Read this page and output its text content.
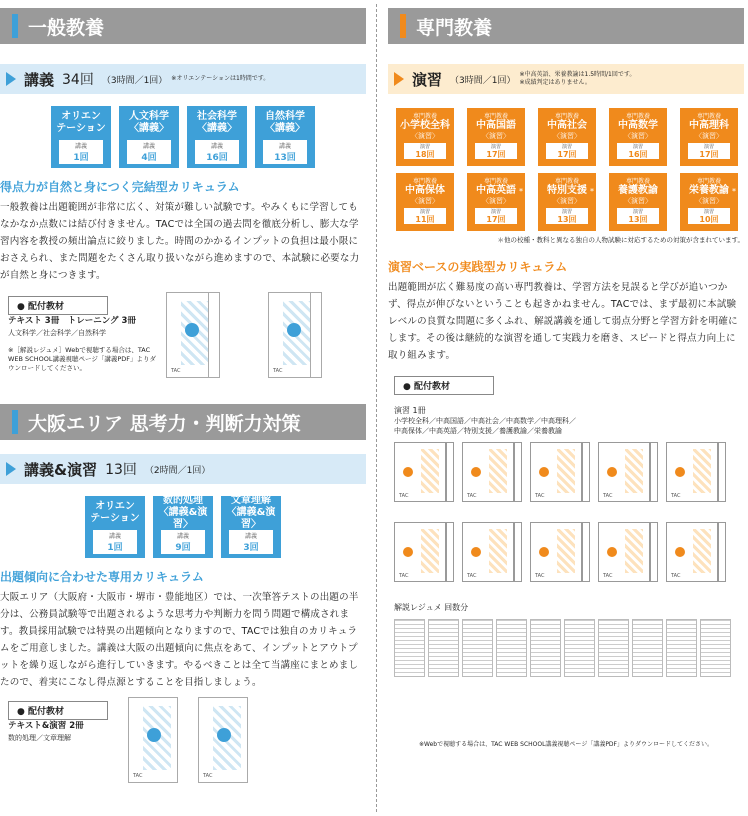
一般教養
講義 34回 （3時間／1回） ※オリエンテーションは1時間です。
オリエン
テーション
講義
1回
人文科学
〈講義〉
講義
4回
社会科学
〈講義〉
講義
16回
自然科学
〈講義〉
講義
13回
得点力が自然と身につく完結型カリキュラム
一般教養は出題範囲が非常に広く、対策が難しい試験です。やみくもに学習してもなかなか点数には結び付きません。TACでは全国の過去問を徹底分析し、膨大な学習内容を教授の頻出論点に絞りました。時間のかかるインプットの負担は最小限におさえられ、また問題をたくさん取り扱いながら進めますので、本試験に必要な力が自然と身につきます。
● 配付教材
テキスト 3冊　トレーニング 3冊
人文科学／社会科学／自然科学
※［解説レジュメ］Webで視聴する場合は、TAC WEB SCHOOL講義視聴ページ「講義PDF」よりダウンロードしてください。	TAC	TAC
大阪エリア 思考力・判断力対策
講義&演習 13回 （2時間／1回）
オリエン
テーション
講義
1回
数的処理
〈講義&演習〉
講義
9回
文章理解
〈講義&演習〉
講義
3回
出題傾向に合わせた専用カリキュラム
大阪エリア（大阪府・大阪市・堺市・豊能地区）では、一次筆答テストの出題の半分は、公務員試験等で出題されるような思考力や判断力を問う問題で構成されます。教員採用試験では特異の出題傾向となりますので、TACでは独自のカリキュラムをご用意しました。講義は大阪の出題傾向に焦点をあて、インプットとアウトプットを繰り返しながら進行していきます。やるべきことは全て当講座にまとめましたので、着実にこなし得点源とすることを目指しましょう。
● 配付教材
テキスト&演習 2冊
数的処理／文章理解
TAC	TAC
専門教養
演習 （3時間／1回）
※中高英語、栄養教諭は1.5時間/1回です。
※成績判定はありません。
専門教養
小学校全科
〈演習〉
演習
18回
専門教養
中高国語
〈演習〉
演習
17回
専門教養
中高社会
〈演習〉
演習
17回
専門教養
中高数学
〈演習〉
演習
16回
専門教養
中高理科
〈演習〉
演習
17回
専門教養
中高保体
〈演習〉
演習
11回
専門教養
中高英語
〈演習〉
演習
17回
*
専門教養
特別支援
〈演習〉
演習
13回
*
専門教養
養護教諭
〈演習〉
演習
13回
専門教養
栄養教諭
〈演習〉
演習
10回
*
＊他の校種・教科と異なる独自の人物試験に対応するための対策が含まれています。
演習ベースの実践型カリキュラム
出題範囲が広く難易度の高い専門教養は、学習方法を見誤ると学びが追いつかず、得点が伸びないということも起きかねません。TACでは、まず最初に本試験レベルの良質な問題に多くふれ、解説講義を通して弱点分野と学習方針を明確にします。その後は継続的な演習を通して実践力を磨き、スピードと得点力向上に取り組みます。
● 配付教材
演習 1冊
小学校全科／中高国語／中高社会／中高数学／中高理科／
中高保体／中高英語／特別支援／養護教諭／栄養教諭
TAC	TAC	TAC	TAC	TAC
TAC	TAC	TAC	TAC	TAC
解説レジュメ 回数分
※Webで視聴する場合は、TAC WEB SCHOOL講義視聴ページ「講義PDF」よりダウンロードしてください。
